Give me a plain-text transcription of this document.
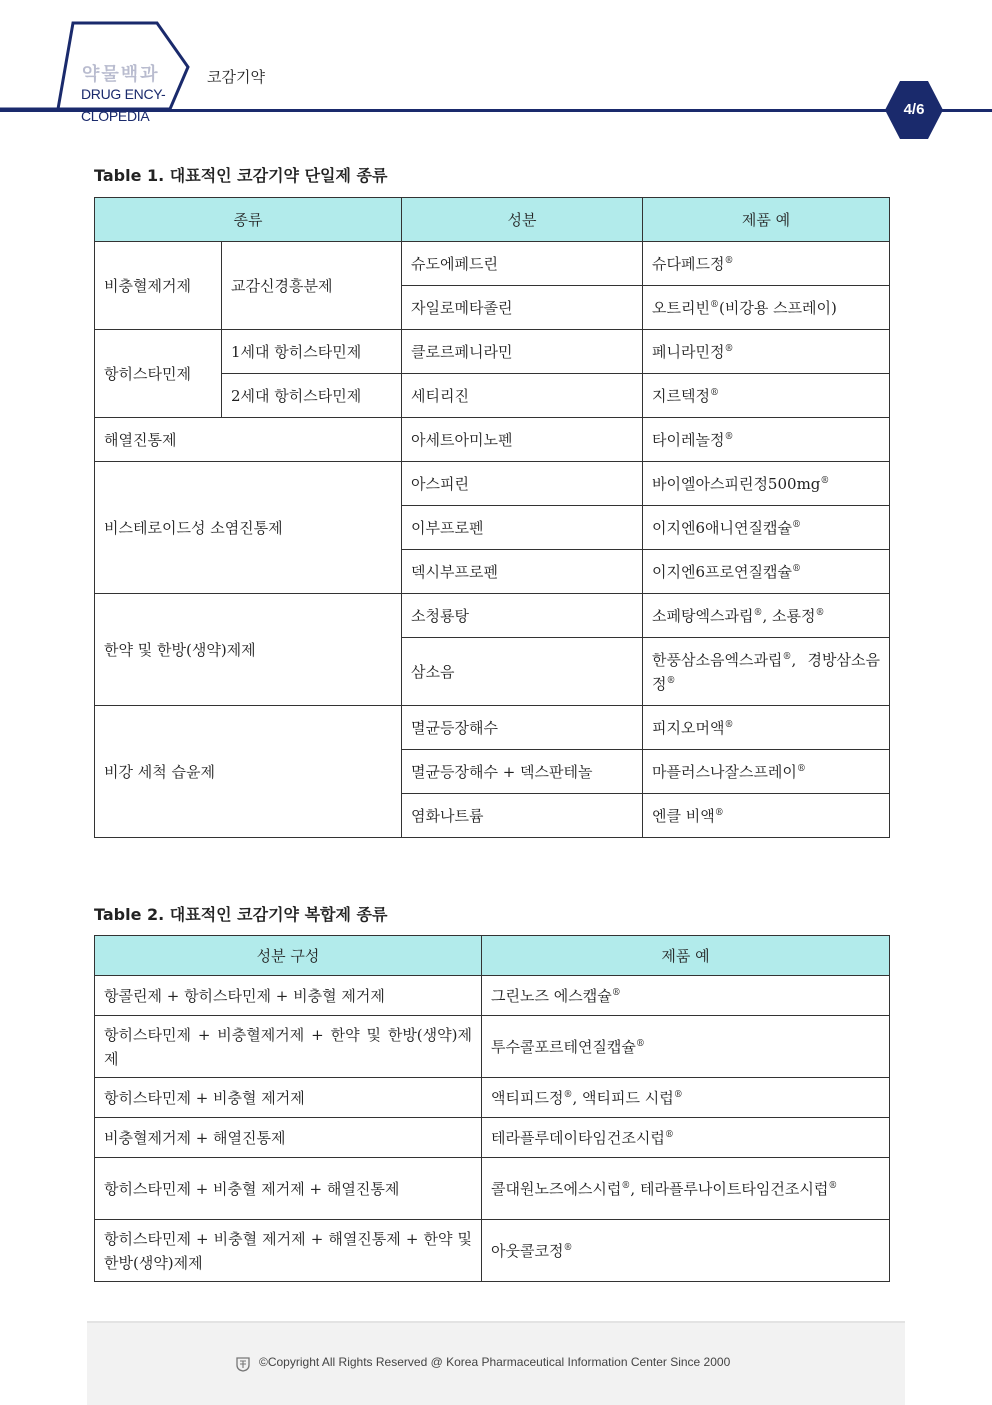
약물백과
DRUG ENCY-
CLOPEDIA
코감기약
4/6
Table 1. 대표적인 코감기약 단일제 종류
종류		성분	제품 예
비충혈제거제	교감신경흥분제	슈도에페드린	슈다페드정®
		자일로메타졸린	오트리빈®(비강용 스프레이)
항히스타민제	1세대 항히스타민제	클로르페니라민	페니라민정®
	2세대 항히스타민제	세티리진	지르텍정®
해열진통제		아세트아미노펜	타이레놀정®
비스테로이드성 소염진통제		아스피린	바이엘아스피린정500mg®
		이부프로펜	이지엔6애니연질캡슐®
		덱시부프로펜	이지엔6프로연질캡슐®
한약 및 한방(생약)제제		소청룡탕	소페탕엑스과립®, 소룡정®
		삼소음	한풍삼소음엑스과립®, 경방삼소음정®
비강 세척 습윤제		멸균등장해수	피지오머액®
		멸균등장해수 + 덱스판테놀	마플러스나잘스프레이®
		염화나트륨	엔클 비액®
Table 2. 대표적인 코감기약 복합제 종류
성분 구성	제품 예
항콜린제 + 항히스타민제 + 비충혈 제거제	그린노즈 에스캡슐®
항히스타민제 + 비충혈제거제 + 한약 및 한방(생약)제제	투수콜포르테연질캡슐®
항히스타민제 + 비충혈 제거제	액티피드정®, 액티피드 시럽®
비충혈제거제 + 해열진통제	테라플루데이타임건조시럽®
항히스타민제 + 비충혈 제거제 + 해열진통제	콜대원노즈에스시럽®, 테라플루나이트타임건조시럽®
항히스타민제 + 비충혈 제거제 + 해열진통제 + 한약 및 한방(생약)제제	아웃콜코정®
©Copyright All Rights Reserved @ Korea Pharmaceutical Information Center Since 2000
